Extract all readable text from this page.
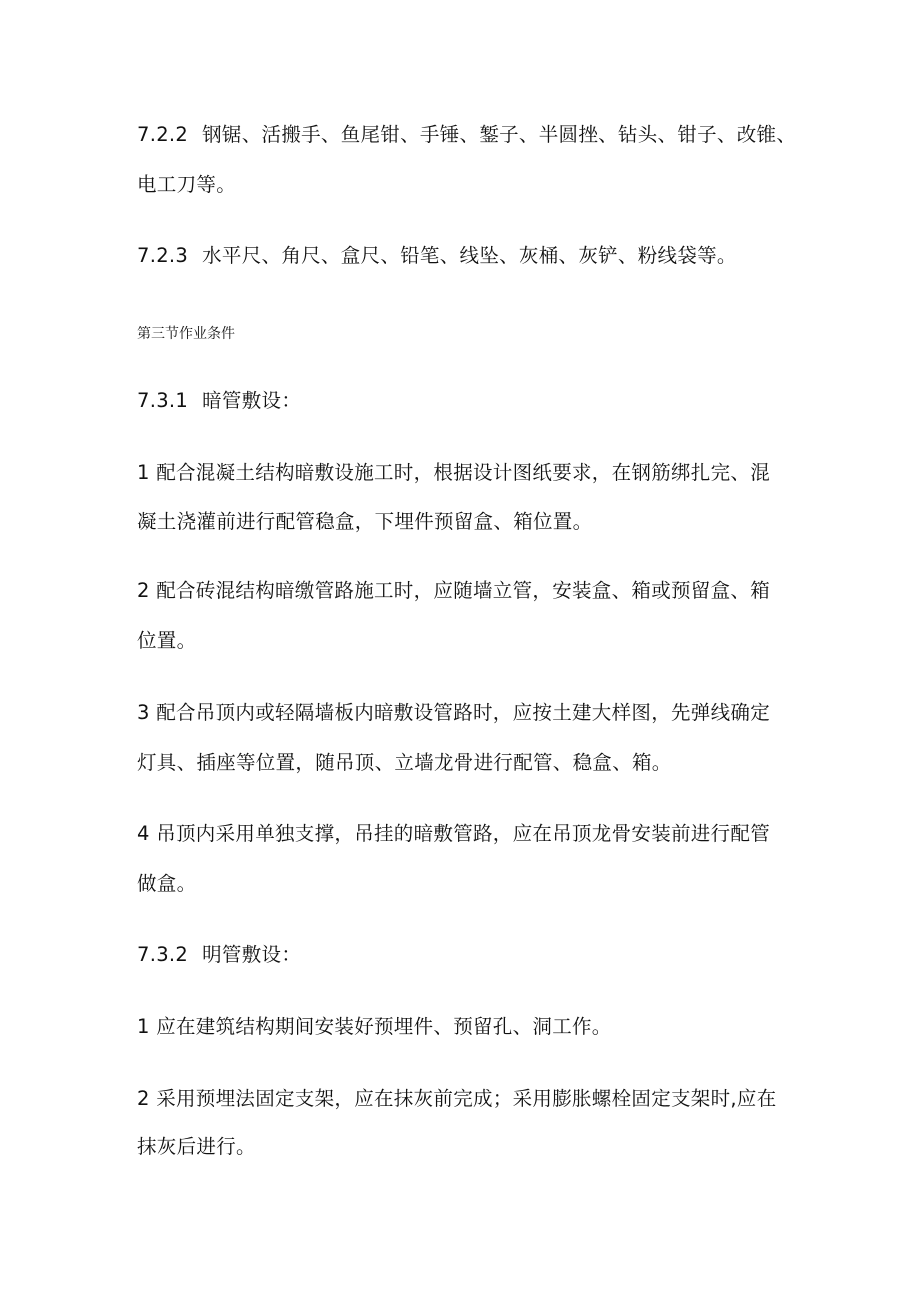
7.2.2 钢锯、活搬手、鱼尾钳、手锤、錾子、半圆挫、钻头、钳子、改锥、
电工刀等。
7.2.3 水平尺、角尺、盒尺、铅笔、线坠、灰桶、灰铲、粉线袋等。
第三节作业条件
7.3.1 暗管敷设：
1 配合混凝土结构暗敷设施工时，根据设计图纸要求，在钢筋绑扎完、混
凝土浇灌前进行配管稳盒，下埋件预留盒、箱位置。
2 配合砖混结构暗缴管路施工时，应随墙立管，安装盒、箱或预留盒、箱
位置。
3 配合吊顶内或轻隔墙板内暗敷设管路时，应按土建大样图，先弹线确定
灯具、插座等位置，随吊顶、立墙龙骨进行配管、稳盒、箱。
4 吊顶内采用单独支撑，吊挂的暗敷管路，应在吊顶龙骨安装前进行配管
做盒。
7.3.2 明管敷设：
1 应在建筑结构期间安装好预埋件、预留孔、洞工作。
2 采用预埋法固定支架，应在抹灰前完成；采用膨胀螺栓固定支架时,应在
抹灰后进行。
